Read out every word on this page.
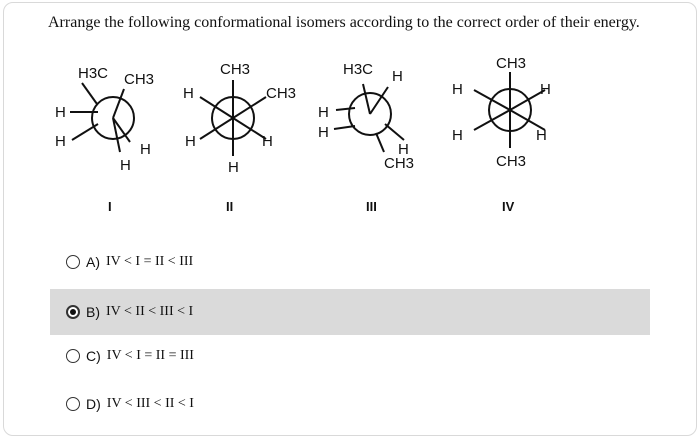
Arrange the following conformational isomers according to the correct order of their energy.
H3C CH3
H
H	H
H
CH3
H	CH3
H	H
H
H3C H
H
H
H
CH3
CH3
H	H
H	H
CH3
I	II	III	IV
A) IV < I = II < III
B) IV < II < III < I
C) IV < I = II = III
D) IV < III < II < I
